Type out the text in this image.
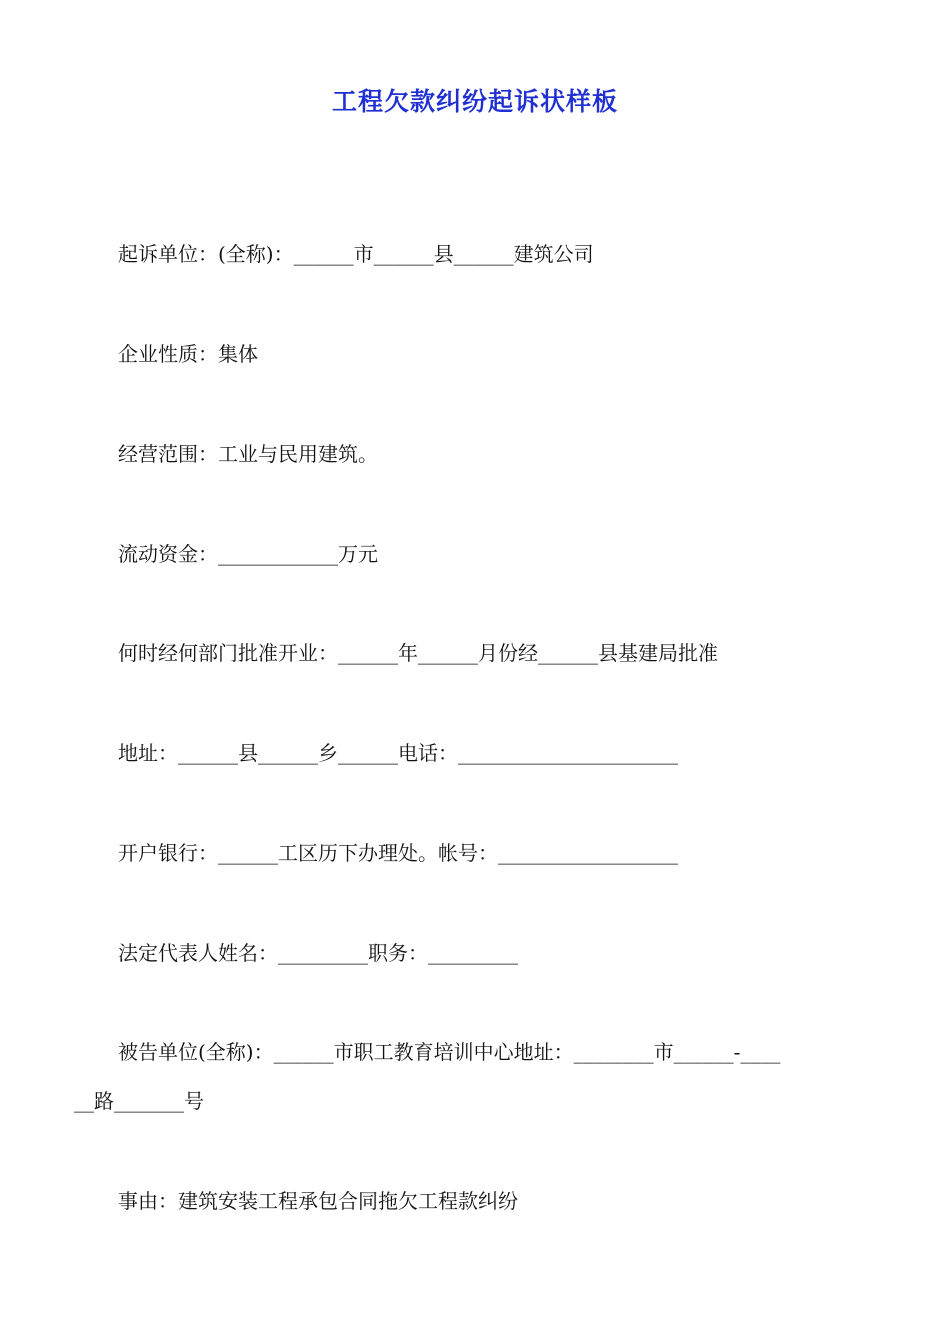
工程欠款纠纷起诉状样板

起诉单位：(全称)：______市______县______建筑公司

企业性质：集体

经营范围：工业与民用建筑。

流动资金：____________万元

何时经何部门批准开业：______年______月份经______县基建局批准

地址：______县______乡______电话：______________________

开户银行：______工区历下办理处。帐号：__________________

法定代表人姓名：_________职务：_________

被告单位(全称)：______市职工教育培训中心地址：________市______-____

__路_______号

事由：建筑安装工程承包合同拖欠工程款纠纷
